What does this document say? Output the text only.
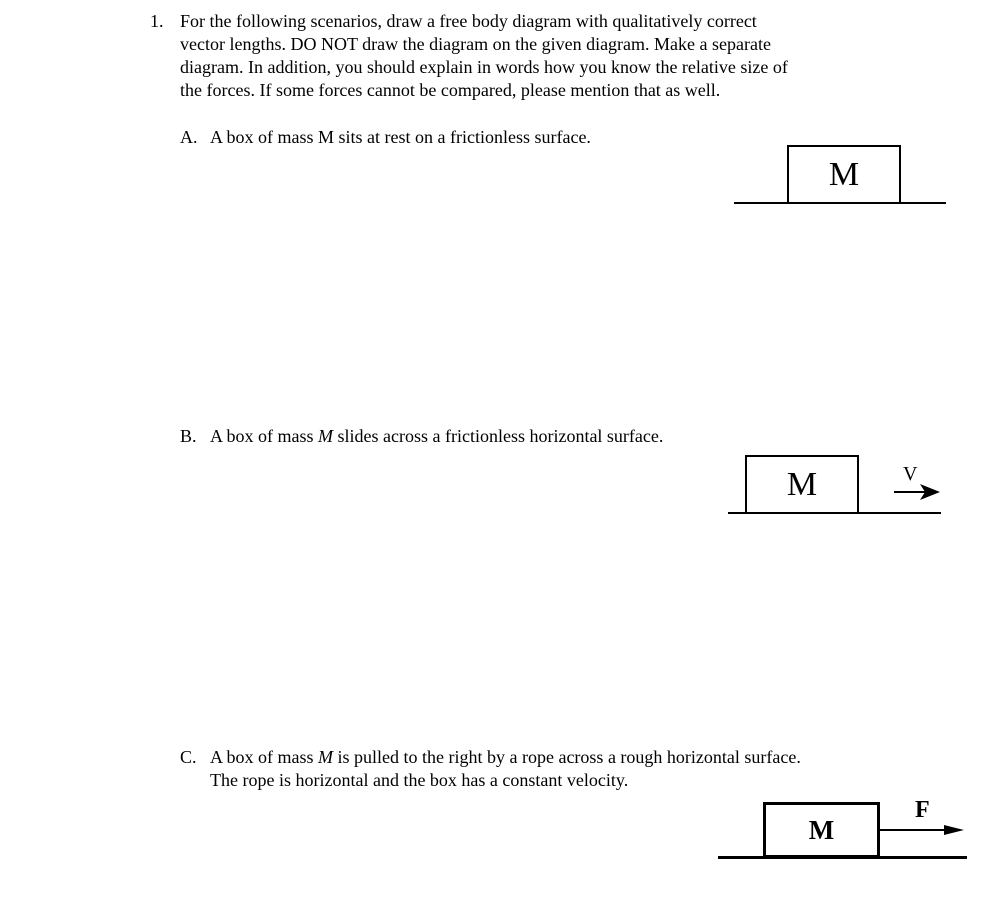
1. For the following scenarios, draw a free body diagram with qualitatively correct
vector lengths. DO NOT draw the diagram on the given diagram. Make a separate
diagram. In addition, you should explain in words how you know the relative size of
the forces. If some forces cannot be compared, please mention that as well.
A. A box of mass M sits at rest on a frictionless surface.
M
B. A box of mass M slides across a frictionless horizontal surface.
M	V
C. A box of mass M is pulled to the right by a rope across a rough horizontal surface.
The rope is horizontal and the box has a constant velocity.
M
F
